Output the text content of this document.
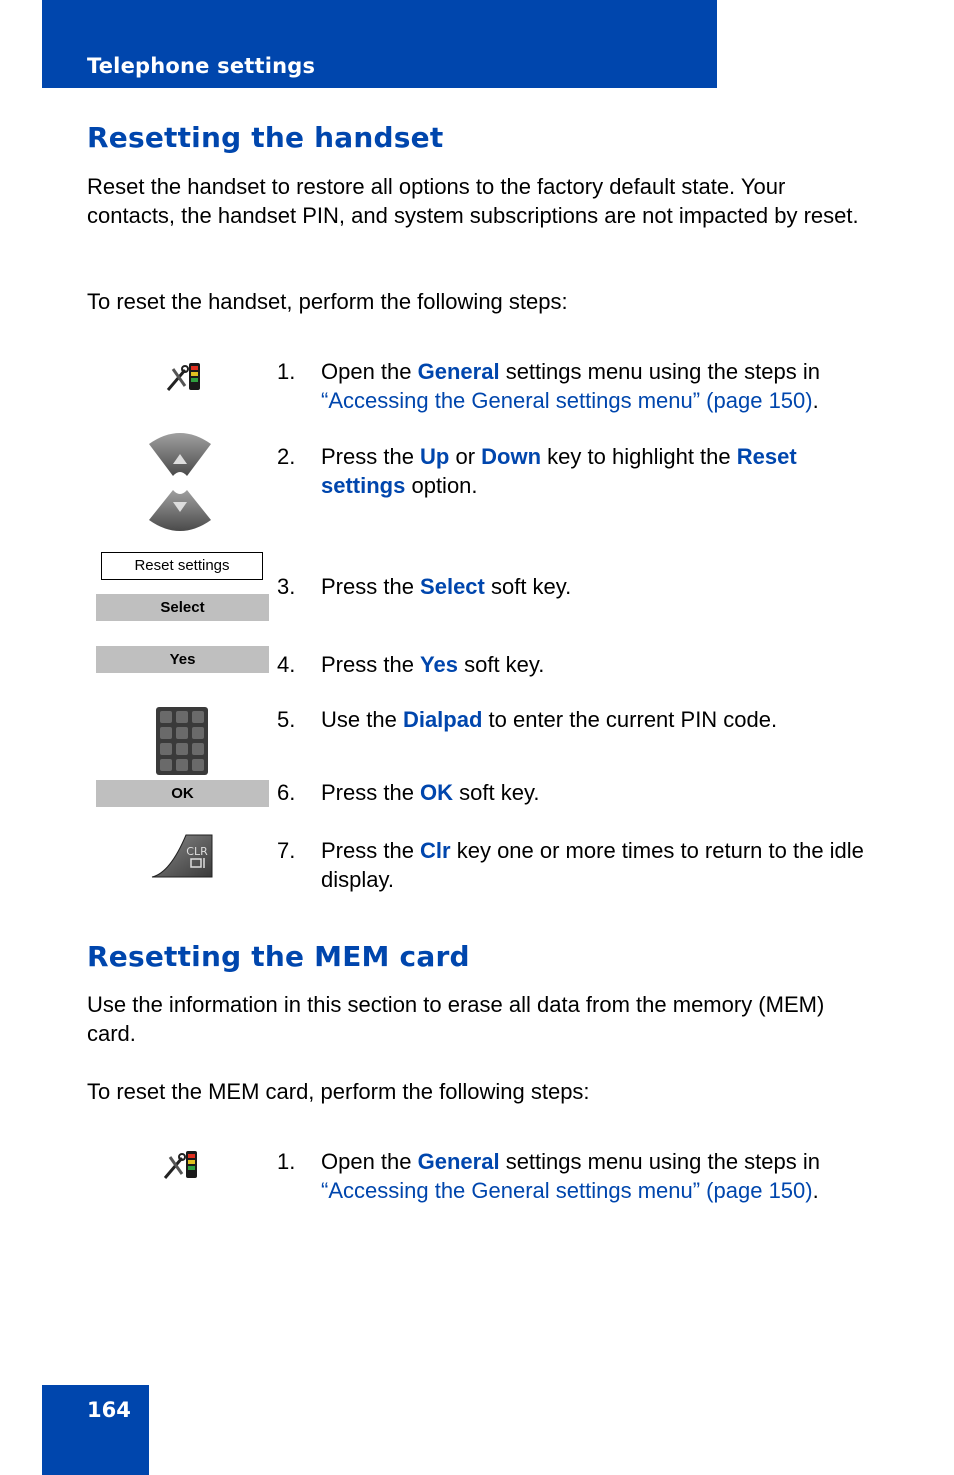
Telephone settings
Resetting the handset
Reset the handset to restore all options to the factory default state. Your contacts, the handset PIN, and system subscriptions are not impacted by reset.
To reset the handset, perform the following steps:
1. Open the General settings menu using the steps in “Accessing the General settings menu” (page 150).
2. Press the Up or Down key to highlight the Reset settings option.
Reset settings
Select
3. Press the Select soft key.
Yes	4. Press the Yes soft key.
5. Use the Dialpad to enter the current PIN code.
OK	6. Press the OK soft key.
CLR	7. Press the Clr key one or more times to return to the idle display.
Resetting the MEM card
Use the information in this section to erase all data from the memory (MEM) card.
To reset the MEM card, perform the following steps:
1. Open the General settings menu using the steps in “Accessing the General settings menu” (page 150).
164
